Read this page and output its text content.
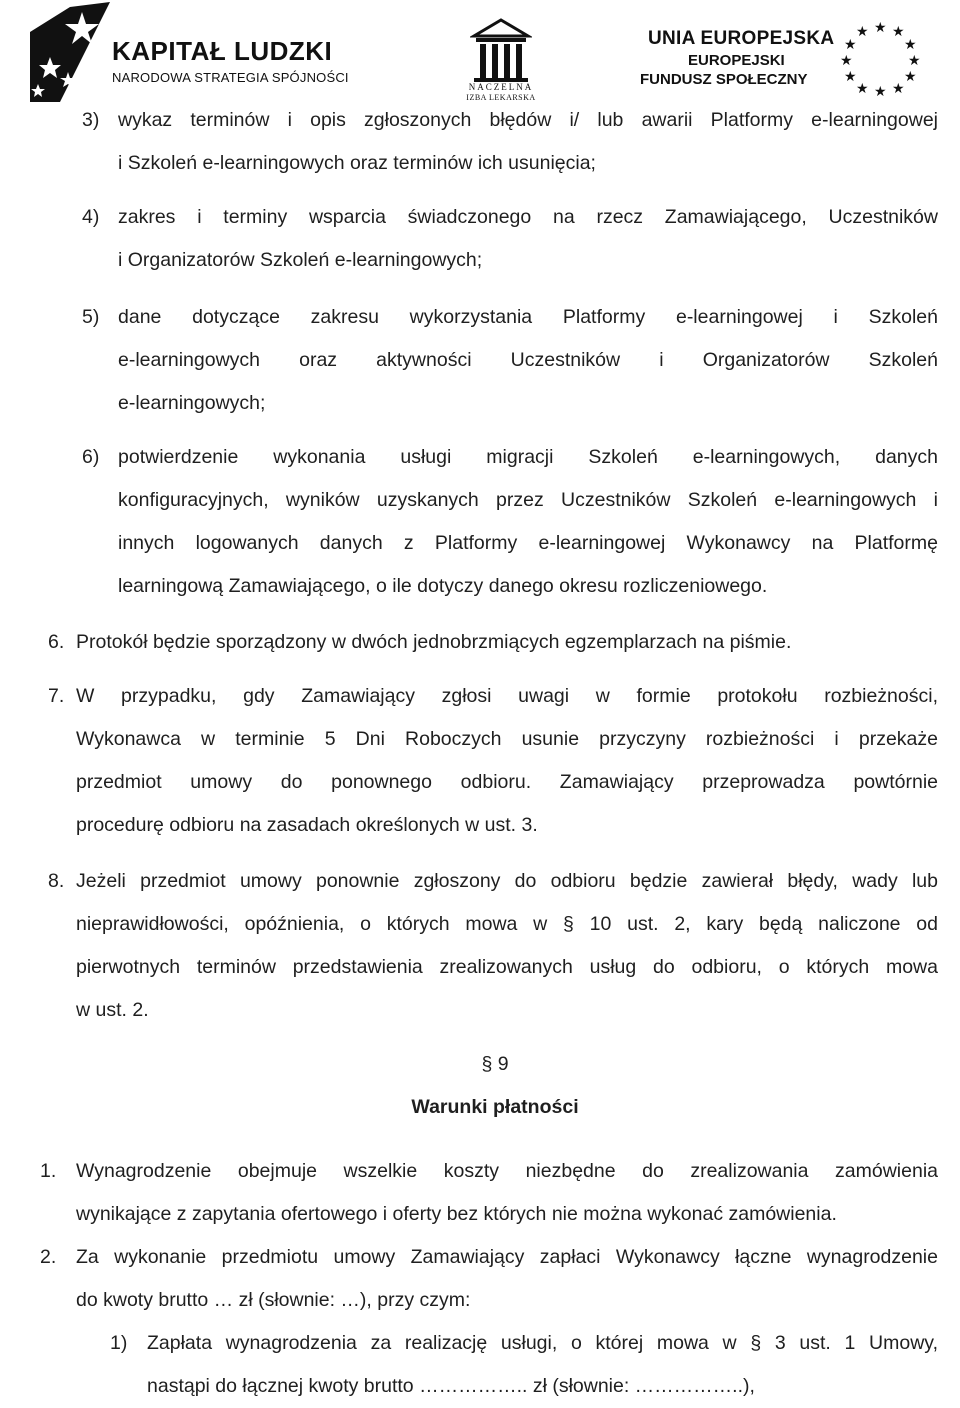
KAPITAŁ LUDZKI
NARODOWA STRATEGIA SPÓJNOŚCI
NACZELNA
IZBA LEKARSKA
UNIA EUROPEJSKA
EUROPEJSKI
FUNDUSZ SPOŁECZNY
★ ★
★
★
★
★
★
★
★
★
★
★
3) wykaz terminów i opis zgłoszonych błędów i/ lub awarii Platformy e-learningowej
i Szkoleń e-learningowych oraz terminów ich usunięcia;
4) zakres i terminy wsparcia świadczonego na rzecz Zamawiającego, Uczestników
i Organizatorów Szkoleń e-learningowych;
5) dane dotyczące zakresu wykorzystania Platformy e-learningowej i Szkoleń
e-learningowych oraz aktywności Uczestników i Organizatorów Szkoleń
e-learningowych;
6) potwierdzenie wykonania usługi migracji Szkoleń e-learningowych, danych
konfiguracyjnych, wyników uzyskanych przez Uczestników Szkoleń e-learningowych i
innych logowanych danych z Platformy e-learningowej Wykonawcy na Platformę
learningową Zamawiającego, o ile dotyczy danego okresu rozliczeniowego.
6. Protokół będzie sporządzony w dwóch jednobrzmiących egzemplarzach na piśmie.
7. W przypadku, gdy Zamawiający zgłosi uwagi w formie protokołu rozbieżności,
Wykonawca w terminie 5 Dni Roboczych usunie przyczyny rozbieżności i przekaże
przedmiot umowy do ponownego odbioru. Zamawiający przeprowadza powtórnie
procedurę odbioru na zasadach określonych w ust. 3.
8. Jeżeli przedmiot umowy ponownie zgłoszony do odbioru będzie zawierał błędy, wady lub
nieprawidłowości, opóźnienia, o których mowa w § 10 ust. 2, kary będą naliczone od
pierwotnych terminów przedstawienia zrealizowanych usług do odbioru, o których mowa
w ust. 2.
§ 9
Warunki płatności
1. Wynagrodzenie obejmuje wszelkie koszty niezbędne do zrealizowania zamówienia
wynikające z zapytania ofertowego i oferty bez których nie można wykonać zamówienia.
2. Za wykonanie przedmiotu umowy Zamawiający zapłaci Wykonawcy łączne wynagrodzenie
do kwoty brutto … zł (słownie: …), przy czym:
1) Zapłata wynagrodzenia za realizację usługi, o której mowa w § 3 ust. 1 Umowy,
nastąpi do łącznej kwoty brutto …………….. zł (słownie: ……………..),
